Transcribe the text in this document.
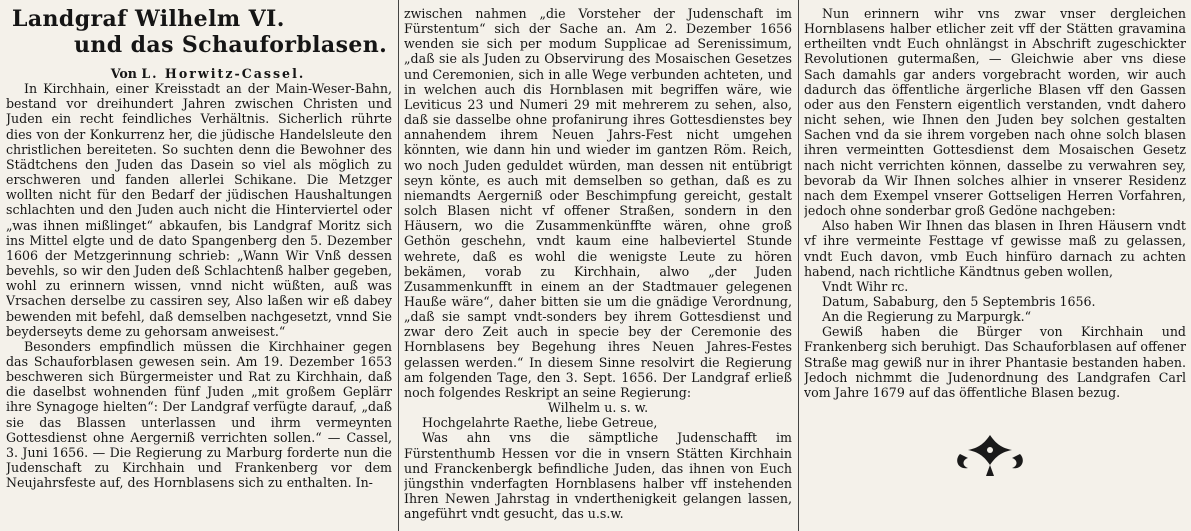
Landgraf Wilhelm VI.
und das Schauforblasen.

Von L. Horwitz-Cassel.

In Kirchhain, einer Kreisstadt an der Main-Weser-Bahn, bestand vor dreihundert Jahren zwischen Christen und Juden ein recht feindliches Verhältnis. Sicherlich rührte dies von der Konkurrenz her, die jüdische Handelsleute den christlichen bereiteten. So suchten denn die Bewohner des Städtchens den Juden das Dasein so viel als möglich zu erschweren und fanden allerlei Schikane. Die Metzger wollten nicht für den Bedarf der jüdischen Haushaltungen schlachten und den Juden auch nicht die Hinterviertel oder „was ihnen mißlinget“ abkaufen, bis Landgraf Moritz sich ins Mittel elgte und de dato Spangenberg den 5. Dezember 1606 der Metzgerinnung schrieb: „Wann Wir Vnß dessen bevehls, so wir den Juden deß Schlachtenß halber gegeben, wohl zu erinnern wissen, vnnd nicht wüßten, auß was Vrsachen derselbe zu cassiren sey, Also laßen wir eß dabey bewenden mit befehl, daß demselben nachgesetzt, vnnd Sie beyderseyts deme zu gehorsam anweisest.“

Besonders empfindlich müssen die Kirchhainer gegen das Schauforblasen gewesen sein. Am 19. Dezember 1653 beschweren sich Bürgermeister und Rat zu Kirchhain, daß die daselbst wohnenden fünf Juden „mit großem Geplärr ihre Synagoge hielten“: Der Landgraf verfügte darauf, „daß sie das Blassen unterlassen und ihrm vermeynten Gottesdienst ohne Aergerniß verrichten sollen.“ — Cassel, 3. Juni 1656. — Die Regierung zu Marburg forderte nun die Judenschaft zu Kirchhain und Frankenberg vor dem Neujahrsfeste auf, des Hornblasens sich zu enthalten. In-

zwischen nahmen „die Vorsteher der Judenschaft im Fürstentum“ sich der Sache an. Am 2. Dezember 1656 wenden sie sich per modum Supplicae ad Serenissimum, „daß sie als Juden zu Observirung des Mosaischen Gesetzes und Ceremonien, sich in alle Wege verbunden achteten, und in welchen auch dis Hornblasen mit begriffen wäre, wie Leviticus 23 und Numeri 29 mit mehrerem zu sehen, also, daß sie dasselbe ohne profanirung ihres Gottesdienstes bey annahendem ihrem Neuen Jahrs-Fest nicht umgehen könnten, wie dann hin und wieder im gantzen Röm. Reich, wo noch Juden geduldet würden, man dessen nit entübrigt seyn könte, es auch mit demselben so gethan, daß es zu niemandts Aergerniß oder Beschimpfung gereicht, gestalt solch Blasen nicht vf offener Straßen, sondern in den Häusern, wo die Zusammenkünffte wären, ohne groß Gethön geschehn, vndt kaum eine halbeviertel Stunde wehrete, daß es wohl die wenigste Leute zu hören bekämen, vorab zu Kirchhain, alwo „der Juden Zusammenkunfft in einem an der Stadtmauer gelegenen Hauße wäre“, daher bitten sie um die gnädige Verordnung, „daß sie sampt vndt-sonders bey ihrem Gottesdienst und zwar dero Zeit auch in specie bey der Ceremonie des Hornblasens bey Begehung ihres Neuen Jahres-Festes gelassen werden.“ In diesem Sinne resolvirt die Regierung am folgenden Tage, den 3. Sept. 1656. Der Landgraf erließ noch folgendes Reskript an seine Regierung:

Wilhelm u. s. w.

Hochgelahrte Raethe, liebe Getreue,

Was ahn vns die sämptliche Judenschafft im Fürstenthumb Hessen vor die in vnsern Stätten Kirchhain und Franckenbergk befindliche Juden, das ihnen von Euch jüngsthin vnderfagten Hornblasens halber vff instehenden Ihren Newen Jahrstag in vnderthenigkeit gelangen lassen, angeführt vndt gesucht, das u.s.w.

Nun erinnern wihr vns zwar vnser dergleichen Hornblasens halber etlicher zeit vff der Stätten gravamina ertheilten vndt Euch ohnlängst in Abschrift zugeschickter Revolutionen gutermaßen, — Gleichwie aber vns diese Sach damahls gar anders vorgebracht worden, wir auch dadurch das öffentliche ärgerliche Blasen vff den Gassen oder aus den Fenstern eigentlich verstanden, vndt dahero nicht sehen, wie Ihnen den Juden bey solchen gestalten Sachen vnd da sie ihrem vorgeben nach ohne solch blasen ihren vermeintten Gottesdienst dem Mosaischen Gesetz nach nicht verrichten können, dasselbe zu verwahren sey, bevorab da Wir Ihnen solches alhier in vnserer Residenz nach dem Exempel vnserer Gottseligen Herren Vorfahren, jedoch ohne sonderbar groß Gedöne nachgeben:

Also haben Wir Ihnen das blasen in Ihren Häusern vndt vf ihre vermeinte Festtage vf gewisse maß zu gelassen, vndt Euch davon, vmb Euch hinfüro darnach zu achten habend, nach richtliche Kändtnus geben wollen,

Vndt Wihr rc.

Datum, Sababurg, den 5 Septembris 1656.

An die Regierung zu Marpurgk.“

Gewiß haben die Bürger von Kirchhain und Frankenberg sich beruhigt. Das Schauforblasen auf offener Straße mag gewiß nur in ihrer Phantasie bestanden haben. Jedoch nichmmt die Judenordnung des Landgrafen Carl vom Jahre 1679 auf das öffentliche Blasen bezug.
